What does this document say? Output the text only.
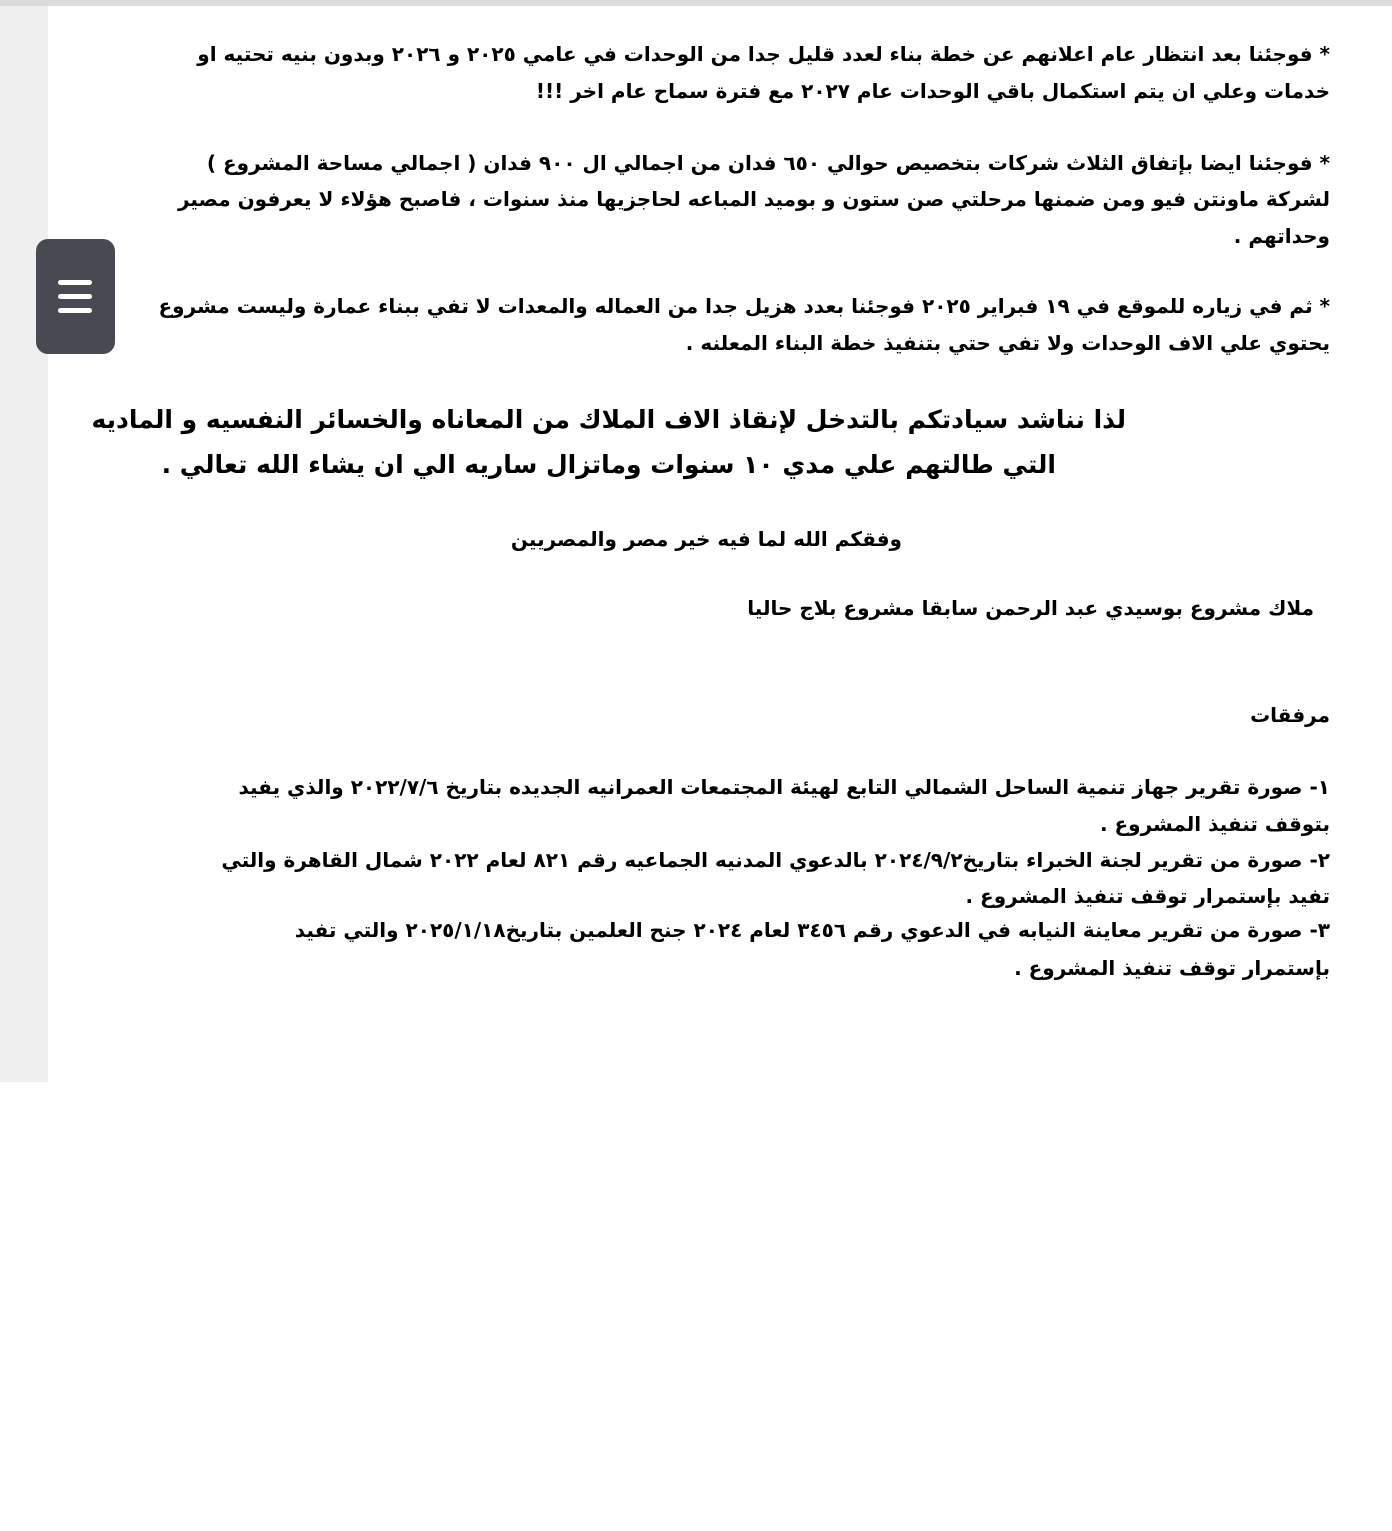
* فوجئنا بعد انتظار عام اعلانهم عن خطة بناء لعدد قليل جدا من الوحدات في عامي ٢٠٢٥ و ٢٠٢٦ وبدون بنيه تحتيه او
خدمات وعلي ان يتم استكمال باقي الوحدات عام ٢٠٢٧ مع فترة سماح عام اخر !!!
* فوجئنا ايضا بإتفاق الثلاث شركات بتخصيص حوالي ٦٥٠ فدان من اجمالي ال ٩٠٠ فدان ( اجمالي مساحة المشروع )
لشركة ماونتن فيو ومن ضمنها مرحلتي صن ستون و بوميد المباعه لحاجزيها منذ سنوات ، فاصبح هؤلاء لا يعرفون مصير
وحداتهم .
* ثم في زياره للموقع في ١٩ فبراير ٢٠٢٥ فوجئنا بعدد هزيل جدا من العماله والمعدات لا تفي ببناء عمارة وليست مشروع
يحتوي علي الاف الوحدات ولا تفي حتي بتنفيذ خطة البناء المعلنه .
لذا نناشد سيادتكم بالتدخل لإنقاذ الاف الملاك من المعاناه والخسائر النفسيه و الماديه
التي طالتهم علي مدي ١٠ سنوات وماتزال ساريه الي ان يشاء الله تعالي .
وفقكم الله لما فيه خير مصر والمصريين
ملاك مشروع بوسيدي عبد الرحمن سابقا مشروع بلاج حاليا
مرفقات
١- صورة تقرير جهاز تنمية الساحل الشمالي التابع لهيئة المجتمعات العمرانيه الجديده بتاريخ ٢٠٢٢/٧/٦ والذي يفيد
بتوقف تنفيذ المشروع .
٢- صورة من تقرير لجنة الخبراء بتاريخ٢٠٢٤/٩/٢ بالدعوي المدنيه الجماعيه رقم ٨٢١ لعام ٢٠٢٢ شمال القاهرة والتي
تفيد بإستمرار توقف تنفيذ المشروع .
٣- صورة من تقرير معاينة النيابه في الدعوي رقم ٣٤٥٦ لعام ٢٠٢٤ جنح العلمين بتاريخ٢٠٢٥/١/١٨ والتي تفيد
بإستمرار توقف تنفيذ المشروع .
